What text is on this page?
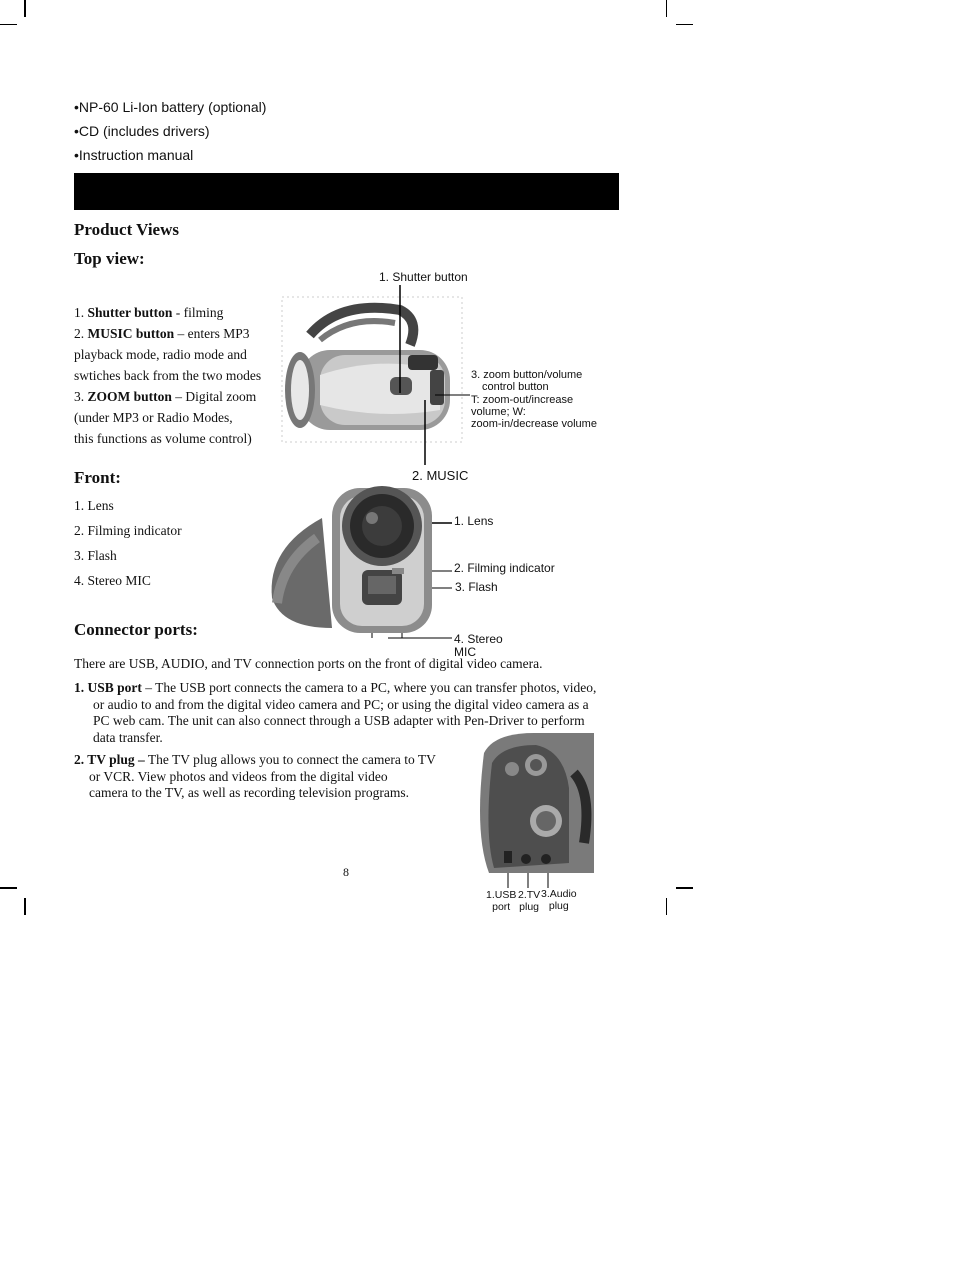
•NP-60 Li-Ion battery (optional)
•CD (includes drivers)
•Instruction manual
Product Views
Top view:
1. Shutter button - filming
2. MUSIC button – enters MP3
playback mode, radio mode and
swtiches back from the two modes
3. ZOOM button – Digital zoom
(under MP3 or Radio Modes,
this functions as volume control)
1. Shutter button
3. zoom button/volume
control button
T: zoom-out/increase
volume; W:
zoom-in/decrease volume
2. MUSIC
Front:
1. Lens
2. Filming indicator
3. Flash
4. Stereo MIC
1. Lens
2. Filming indicator
3. Flash
4. Stereo
MIC
Connector ports:
There are USB, AUDIO, and TV connection ports on the front of digital video camera.
1. USB port – The USB port connects the camera to a PC, where you can transfer photos, video,
or audio to and from the digital video camera and PC; or using the digital video camera as a
PC web cam. The unit can also connect through a USB adapter with Pen-Driver to perform
data transfer.
2. TV plug – The TV plug allows you to connect the camera to TV
or VCR. View photos and videos from the digital video
camera to the TV, as well as recording television programs.
1.USB
port
2.TV
plug
3.Audio
plug
8
